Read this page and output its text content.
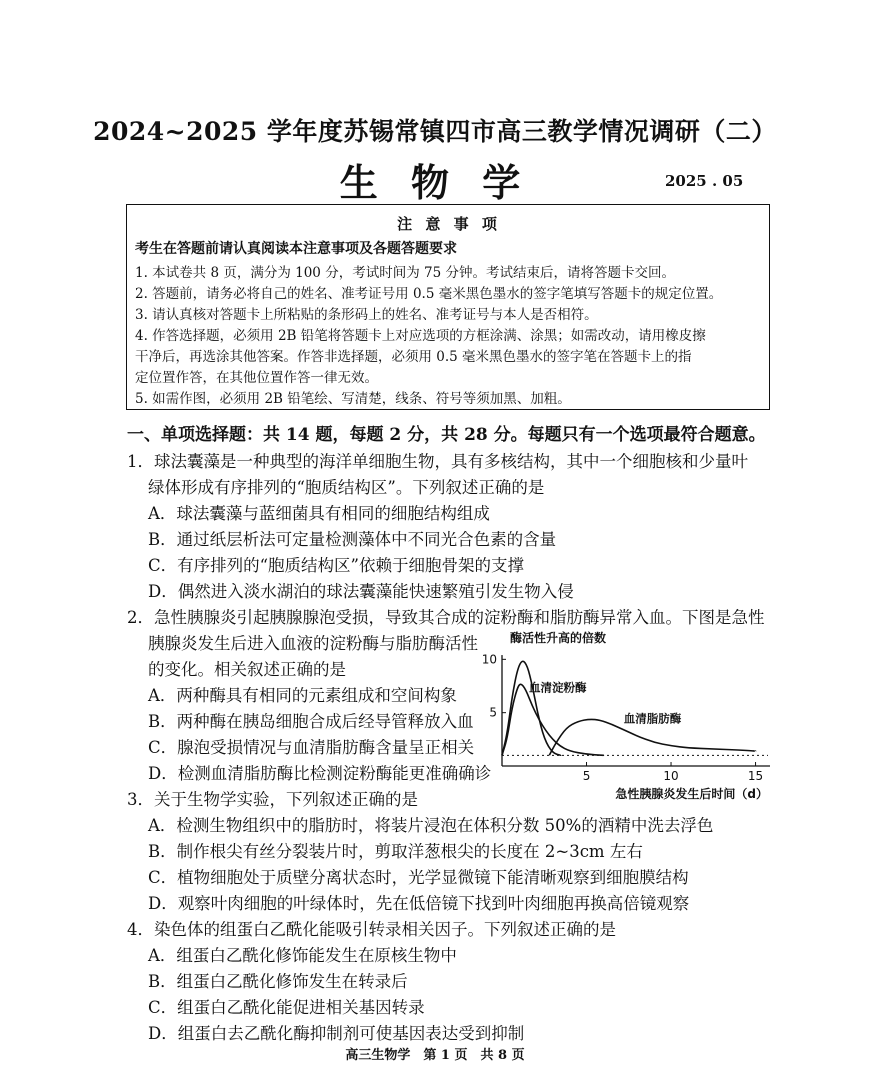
2024~2025 学年度苏锡常镇四市高三教学情况调研（二）
生 物 学	2025 . 05
注 意 事 项
考生在答题前请认真阅读本注意事项及各题答题要求
1. 本试卷共 8 页，满分为 100 分，考试时间为 75 分钟。考试结束后，请将答题卡交回。
2. 答题前，请务必将自己的姓名、准考证号用 0.5 毫米黑色墨水的签字笔填写答题卡的规定位置。
3. 请认真核对答题卡上所粘贴的条形码上的姓名、准考证号与本人是否相符。
4. 作答选择题，必须用 2B 铅笔将答题卡上对应选项的方框涂满、涂黑；如需改动，请用橡皮擦
干净后，再选涂其他答案。作答非选择题，必须用 0.5 毫米黑色墨水的签字笔在答题卡上的指
定位置作答，在其他位置作答一律无效。
5. 如需作图，必须用 2B 铅笔绘、写清楚，线条、符号等须加黑、加粗。
一、单项选择题：共 14 题，每题 2 分，共 28 分。每题只有一个选项最符合题意。
1．球法囊藻是一种典型的海洋单细胞生物，具有多核结构，其中一个细胞核和少量叶
绿体形成有序排列的“胞质结构区”。下列叙述正确的是
A．球法囊藻与蓝细菌具有相同的细胞结构组成
B．通过纸层析法可定量检测藻体中不同光合色素的含量
C．有序排列的“胞质结构区”依赖于细胞骨架的支撑
D．偶然进入淡水湖泊的球法囊藻能快速繁殖引发生物入侵
2．急性胰腺炎引起胰腺腺泡受损，导致其合成的淀粉酶和脂肪酶异常入血。下图是急性
胰腺炎发生后进入血液的淀粉酶与脂肪酶活性
的变化。相关叙述正确的是
A．两种酶具有相同的元素组成和空间构象
B．两种酶在胰岛细胞合成后经导管释放入血
C．腺泡受损情况与血清脂肪酶含量呈正相关
D．检测血清脂肪酶比检测淀粉酶能更准确确诊	5	10	15
10
5
酶活性升高的倍数
急性胰腺炎发生后时间（d）
血清淀粉酶
血清脂肪酶
3．关于生物学实验，下列叙述正确的是
A．检测生物组织中的脂肪时，将装片浸泡在体积分数 50%的酒精中洗去浮色
B．制作根尖有丝分裂装片时，剪取洋葱根尖的长度在 2~3cm 左右
C．植物细胞处于质壁分离状态时，光学显微镜下能清晰观察到细胞膜结构
D．观察叶肉细胞的叶绿体时，先在低倍镜下找到叶肉细胞再换高倍镜观察
4．染色体的组蛋白乙酰化能吸引转录相关因子。下列叙述正确的是
A．组蛋白乙酰化修饰能发生在原核生物中
B．组蛋白乙酰化修饰发生在转录后
C．组蛋白乙酰化能促进相关基因转录
D．组蛋白去乙酰化酶抑制剂可使基因表达受到抑制
高三生物学　第 1 页　共 8 页
